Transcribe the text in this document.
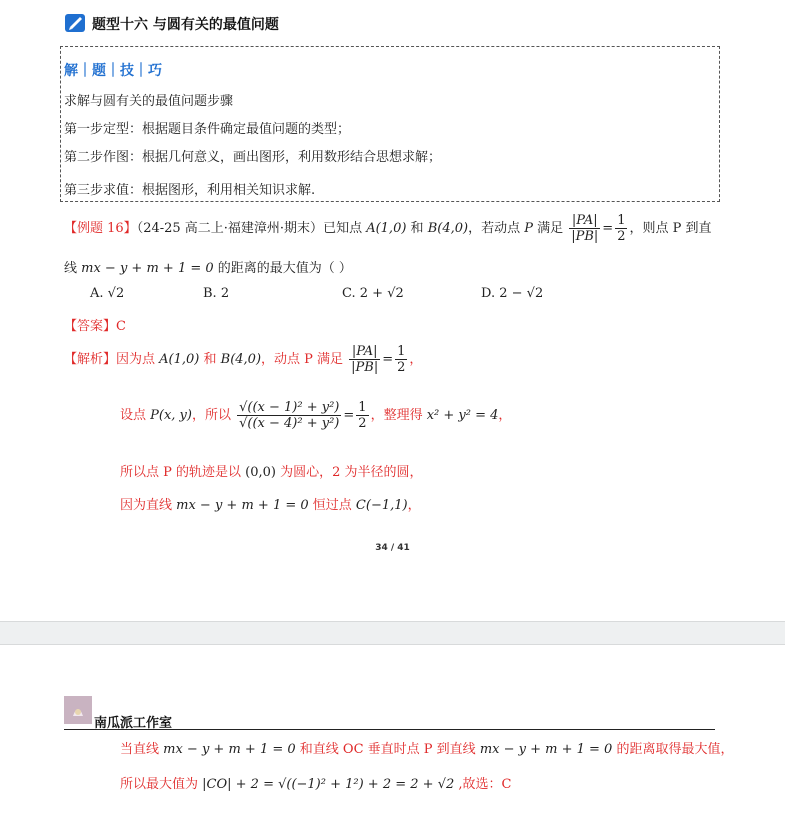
题型十六 与圆有关的最值问题
解｜题｜技｜巧
求解与圆有关的最值问题步骤
第一步定型：根据题目条件确定最值问题的类型；
第二步作图：根据几何意义，画出图形，利用数形结合思想求解；
第三步求值：根据图形，利用相关知识求解.
【例题 16】（24-25 高二上·福建漳州·期末）已知点 A(1,0) 和 B(4,0)，若动点 P 满足 $\frac{|PA|}{|PB|} = \frac{1}{2}$ ，则点 P 到直
线 mx − y + m + 1 = 0 的距离的最大值为（ ）
A. √2	B. 2	C. 2 + √2	D. 2 − √2
【答案】C
【解析】因为点 A(1,0) 和 B(4,0)，动点 P 满足 $\frac{|PA|}{|PB|} = \frac{1}{2}$ ，
设点 P(x, y)，所以 $\frac{\text{√((x − 1)² + y²)}}{\text{√((x − 4)² + y²)}} = \frac{1}{2}$ ，整理得 x² + y² = 4，
所以点 P 的轨迹是以 (0,0) 为圆心，2 为半径的圆，
因为直线 mx − y + m + 1 = 0 恒过点 C(−1,1)，
34 / 41
南瓜派工作室
当直线 mx − y + m + 1 = 0 和直线 OC 垂直时点 P 到直线 mx − y + m + 1 = 0 的距离取得最大值，
所以最大值为 |CO| + 2 = √((−1)² + 1²) + 2 = 2 + √2 ,故选：C
